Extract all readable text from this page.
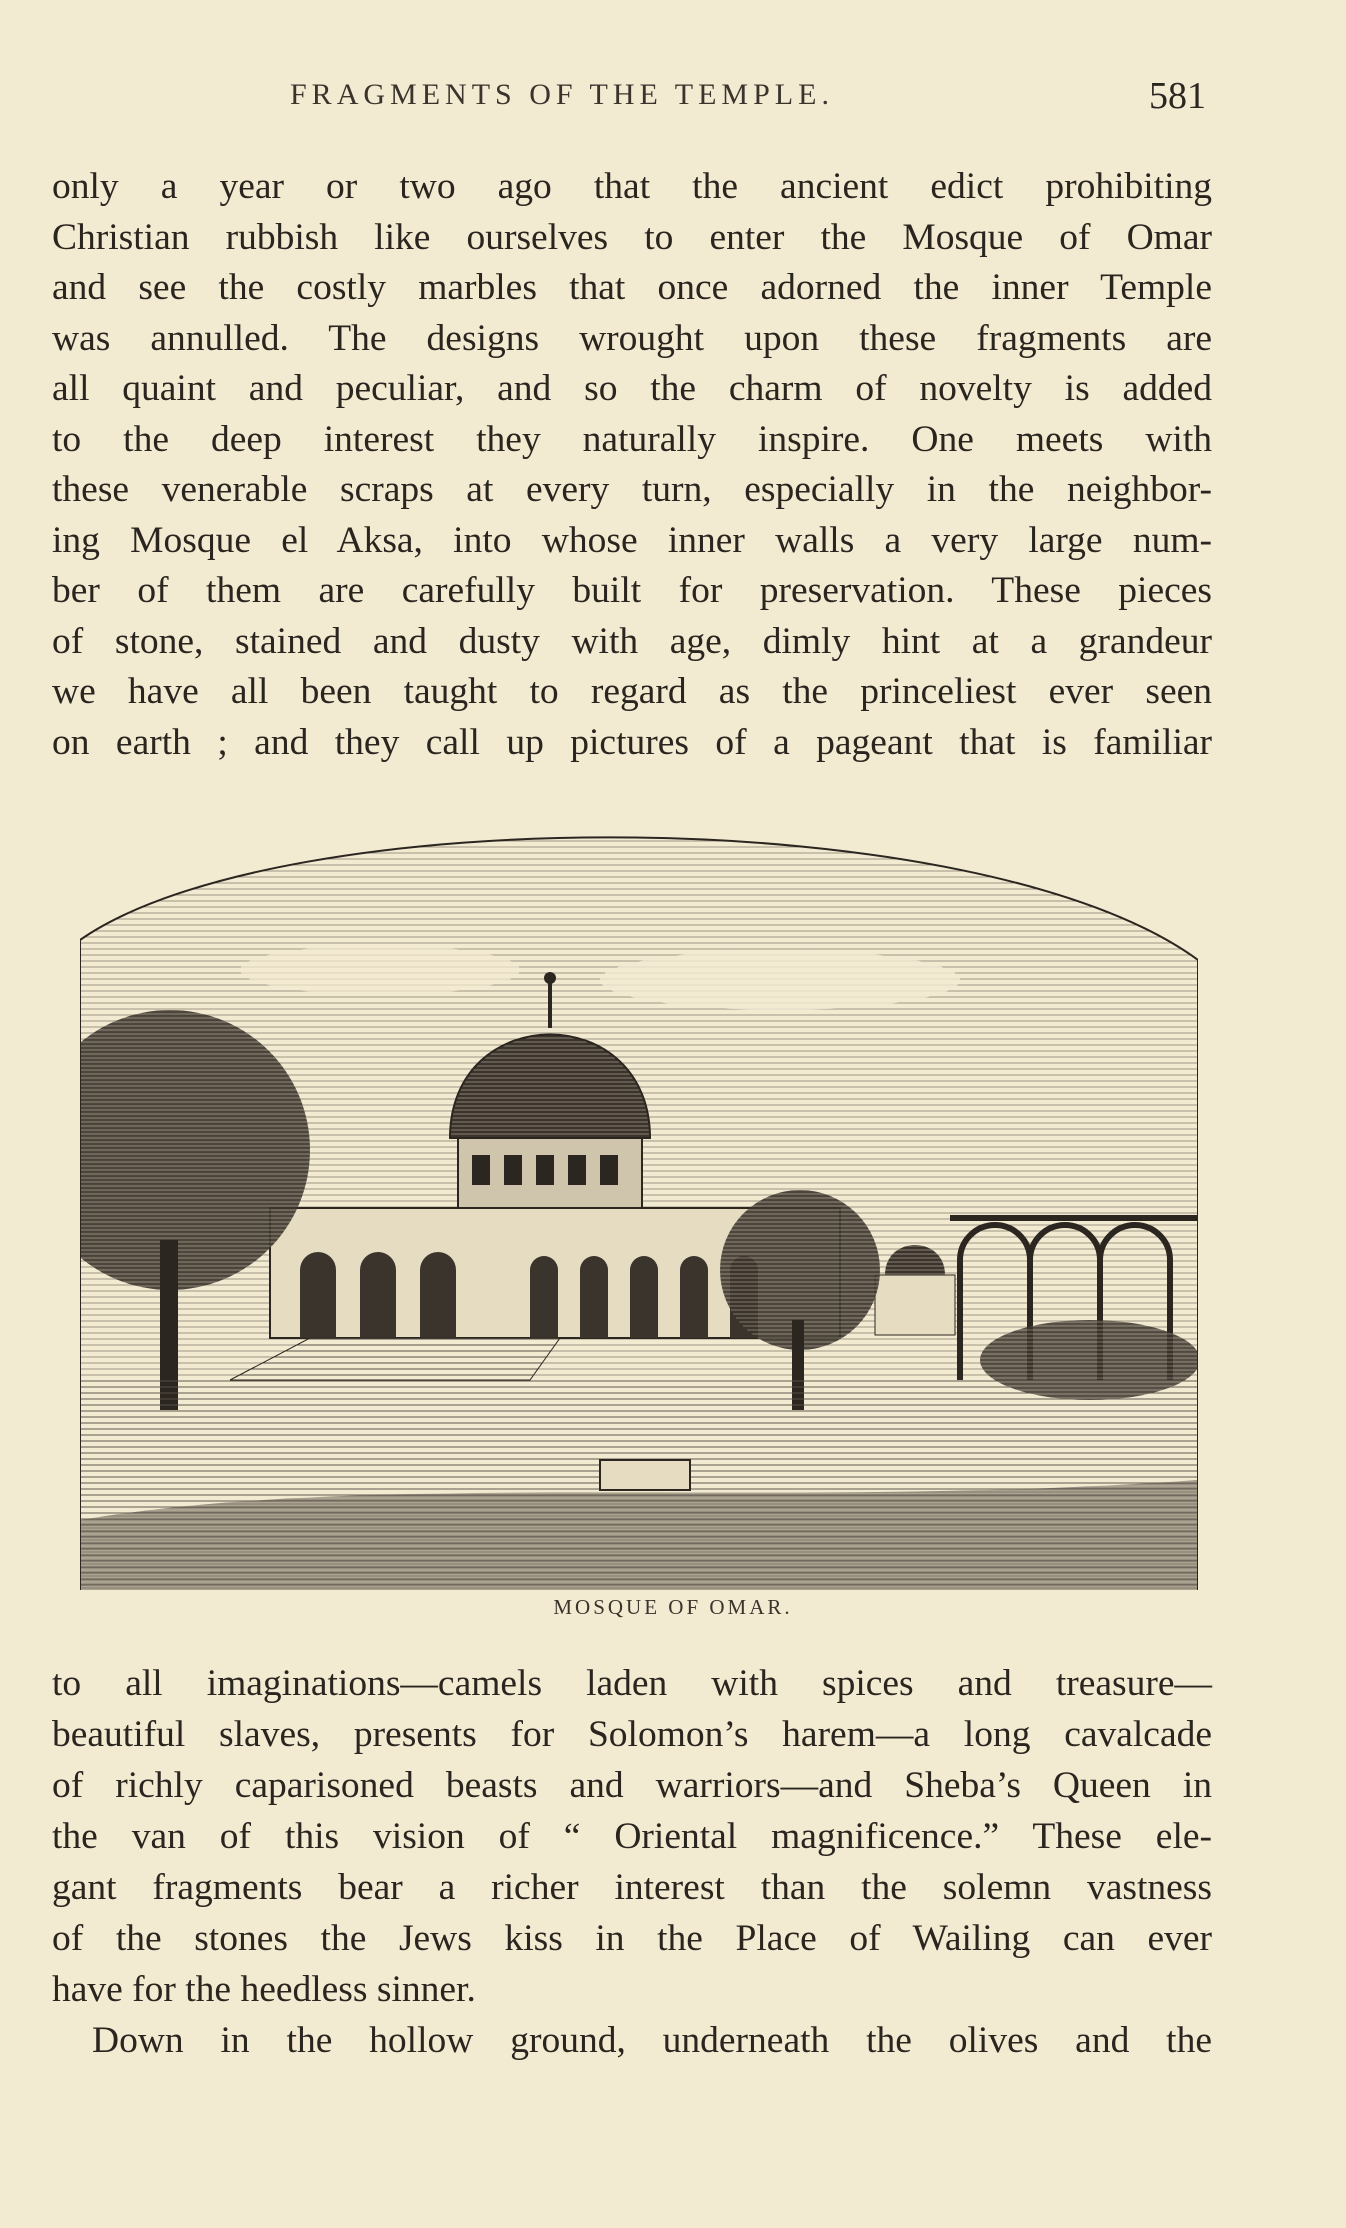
FRAGMENTS OF THE TEMPLE.	581
only a year or two ago that the ancient edict prohibiting
Christian rubbish like ourselves to enter the Mosque of Omar
and see the costly marbles that once adorned the inner Temple
was annulled. The designs wrought upon these fragments are
all quaint and peculiar, and so the charm of novelty is added
to the deep interest they naturally inspire. One meets with
these venerable scraps at every turn, especially in the neighbor-
ing Mosque el Aksa, into whose inner walls a very large num-
ber of them are carefully built for preservation. These pieces
of stone, stained and dusty with age, dimly hint at a grandeur
we have all been taught to regard as the princeliest ever seen
on earth ; and they call up pictures of a pageant that is familiar
MOSQUE OF OMAR.
to all imaginations—camels laden with spices and treasure—
beautiful slaves, presents for Solomon’s harem—a long cavalcade
of richly caparisoned beasts and warriors—and Sheba’s Queen in
the van of this vision of “ Oriental magnificence.” These ele-
gant fragments bear a richer interest than the solemn vastness
of the stones the Jews kiss in the Place of Wailing can ever
have for the heedless sinner.
Down in the hollow ground, underneath the olives and the
